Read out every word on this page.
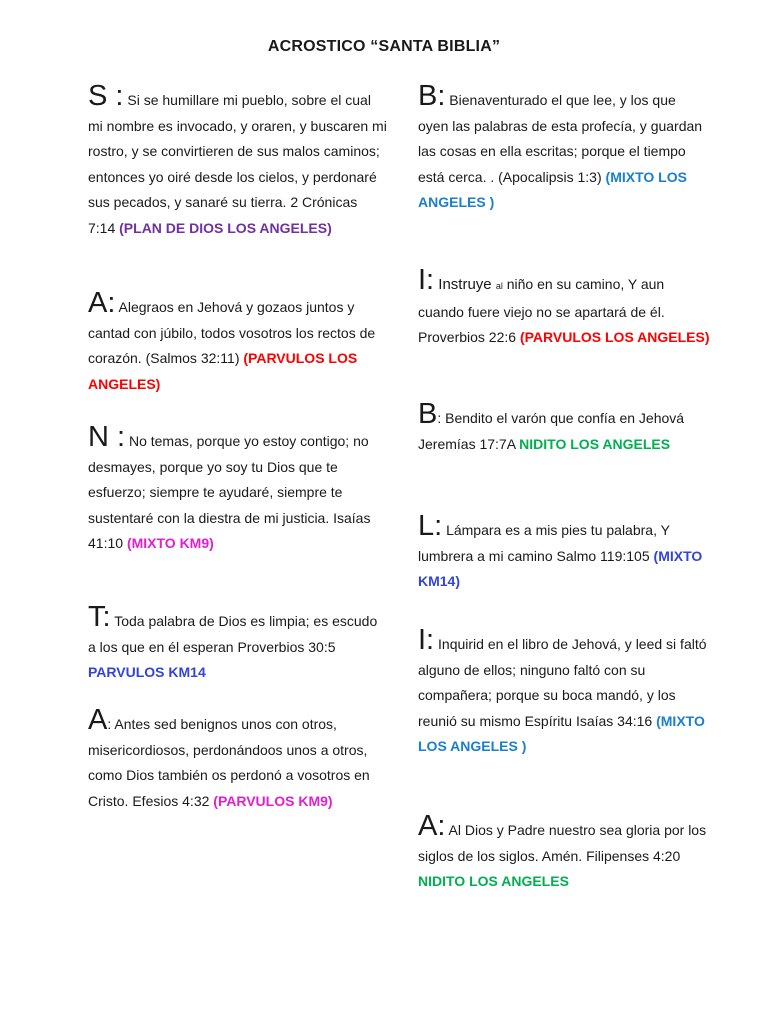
ACROSTICO “SANTA BIBLIA”
S : Si se humillare mi pueblo, sobre el cual mi nombre es invocado, y oraren, y buscaren mi rostro, y se convirtieren de sus malos caminos; entonces yo oiré desde los cielos, y perdonaré sus pecados, y sanaré su tierra. 2 Crónicas 7:14 (PLAN DE DIOS LOS ANGELES)
A: Alegraos en Jehová y gozaos juntos y cantad con júbilo, todos vosotros los rectos de corazón. (Salmos 32:11) (PARVULOS LOS ANGELES)
N : No temas, porque yo estoy contigo; no desmayes, porque yo soy tu Dios que te esfuerzo; siempre te ayudaré, siempre te sustentaré con la diestra de mi justicia. Isaías 41:10 (MIXTO KM9)
T: Toda palabra de Dios es limpia; es escudo a los que en él esperan Proverbios 30:5 PARVULOS KM14
A: Antes sed benignos unos con otros, misericordiosos, perdonándoos unos a otros, como Dios también os perdonó a vosotros en Cristo. Efesios 4:32 (PARVULOS KM9)
B: Bienaventurado el que lee, y los que oyen las palabras de esta profecía, y guardan las cosas en ella escritas; porque el tiempo está cerca. . (Apocalipsis 1:3) (MIXTO LOS ANGELES )
I: Instruye al niño en su camino, Y aun cuando fuere viejo no se apartará de él. Proverbios 22:6 (PARVULOS LOS ANGELES)
B: Bendito el varón que confía en Jehová Jeremías 17:7A NIDITO LOS ANGELES
L: Lámpara es a mis pies tu palabra, Y lumbrera a mi camino Salmo 119:105 (MIXTO KM14)
I: Inquirid en el libro de Jehová, y leed si faltó alguno de ellos; ninguno faltó con su compañera; porque su boca mandó, y los reunió su mismo Espíritu Isaías 34:16 (MIXTO LOS ANGELES )
A: Al Dios y Padre nuestro sea gloria por los siglos de los siglos. Amén. Filipenses 4:20 NIDITO LOS ANGELES
